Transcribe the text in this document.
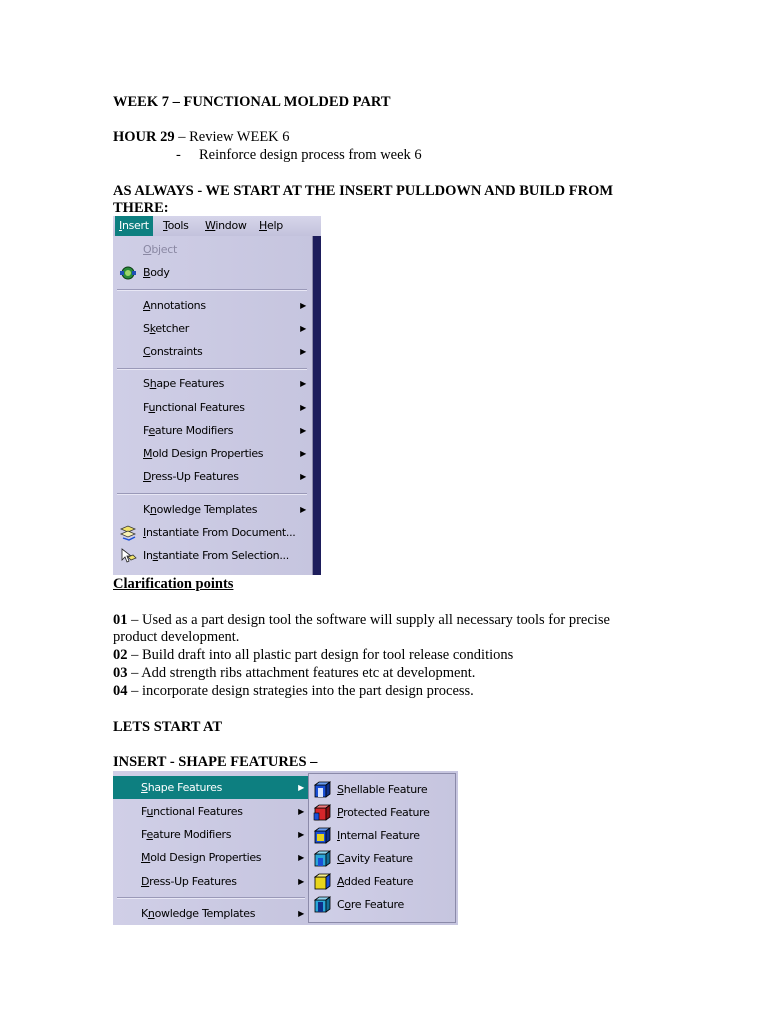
WEEK 7 – FUNCTIONAL MOLDED PART
HOUR 29 – Review WEEK 6
- Reinforce design process from week 6
AS ALWAYS - WE START AT THE INSERT PULLDOWN AND BUILD FROM
THERE:
Insert	Tools	Window	Help
Object
Body
Annotations	▶
Sketcher	▶
Constraints	▶
Shape Features	▶
Functional Features	▶
Feature Modifiers	▶
Mold Design Properties	▶
Dress-Up Features	▶
Knowledge Templates	▶
Instantiate From Document...
Instantiate From Selection...
Clarification points
01 – Used as a part design tool the software will supply all necessary tools for precise
product development.
02 – Build draft into all plastic part design for tool release conditions
03 – Add strength ribs attachment features etc at development.
04 – incorporate design strategies into the part design process.
LETS START AT
INSERT - SHAPE FEATURES –
Shape Features	▶
Functional Features	▶
Feature Modifiers	▶
Mold Design Properties	▶
Dress-Up Features	▶
Knowledge Templates	▶
Shellable Feature
Protected Feature
Internal Feature
Cavity Feature
Added Feature
Core Feature
